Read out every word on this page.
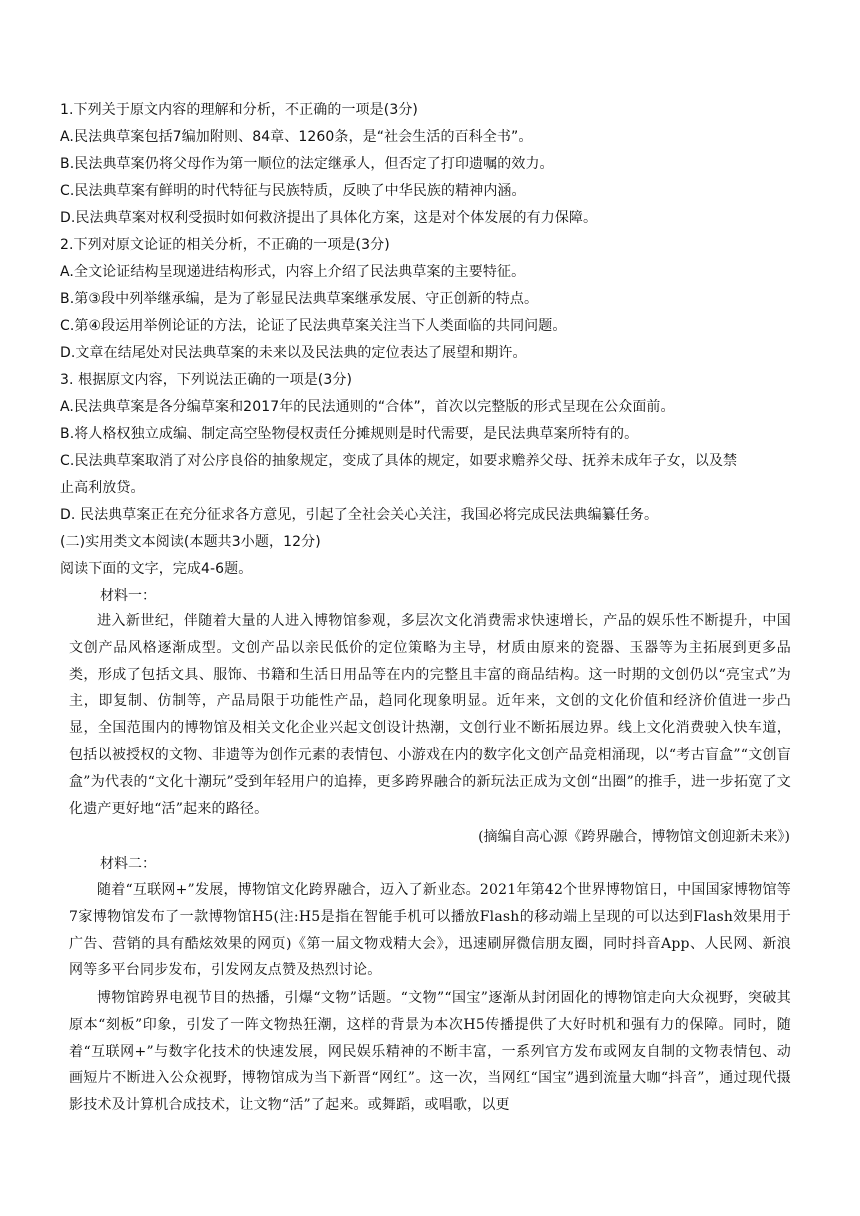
1.下列关于原文内容的理解和分析，不正确的一项是(3分)
A.民法典草案包括7编加附则、84章、1260条，是“社会生活的百科全书”。
B.民法典草案仍将父母作为第一顺位的法定继承人，但否定了打印遗嘱的效力。
C.民法典草案有鲜明的时代特征与民族特质，反映了中华民族的精神内涵。
D.民法典草案对权利受损时如何救济提出了具体化方案，这是对个体发展的有力保障。
2.下列对原文论证的相关分析，不正确的一项是(3分)
A.全文论证结构呈现递进结构形式，内容上介绍了民法典草案的主要特征。
B.第③段中列举继承编，是为了彰显民法典草案继承发展、守正创新的特点。
C.第④段运用举例论证的方法，论证了民法典草案关注当下人类面临的共同问题。
D.文章在结尾处对民法典草案的未来以及民法典的定位表达了展望和期许。
3. 根据原文内容，下列说法正确的一项是(3分)
A.民法典草案是各分编草案和2017年的民法通则的“合体”，首次以完整版的形式呈现在公众面前。
B.将人格权独立成编、制定高空坠物侵权责任分摊规则是时代需要，是民法典草案所特有的。
C.民法典草案取消了对公序良俗的抽象规定，变成了具体的规定，如要求赡养父母、抚养未成年子女，以及禁
止高利放贷。
D. 民法典草案正在充分征求各方意见，引起了全社会关心关注，我国必将完成民法典编纂任务。
(二)实用类文本阅读(本题共3小题，12分)
阅读下面的文字，完成4-6题。
材料一：
进入新世纪，伴随着大量的人进入博物馆参观，多层次文化消费需求快速增长，产品的娱乐性不断提升，中国文创产品风格逐渐成型。文创产品以亲民低价的定位策略为主导，材质由原来的瓷器、玉器等为主拓展到更多品类，形成了包括文具、服饰、书籍和生活日用品等在内的完整且丰富的商品结构。这一时期的文创仍以“亮宝式”为主，即复制、仿制等，产品局限于功能性产品，趋同化现象明显。近年来，文创的文化价值和经济价值进一步凸显，全国范围内的博物馆及相关文化企业兴起文创设计热潮，文创行业不断拓展边界。线上文化消费驶入快车道，包括以被授权的文物、非遗等为创作元素的表情包、小游戏在内的数字化文创产品竞相涌现，以“考古盲盒”“文创盲盒”为代表的“文化十潮玩”受到年轻用户的追捧，更多跨界融合的新玩法正成为文创“出圈”的推手，进一步拓宽了文化遗产更好地“活”起来的路径。
(摘编自高心源《跨界融合，博物馆文创迎新未来》)
材料二：
随着“互联网+”发展，博物馆文化跨界融合，迈入了新业态。2021年第42个世界博物馆日，中国国家博物馆等7家博物馆发布了一款博物馆H5(注:H5是指在智能手机可以播放Flash的移动端上呈现的可以达到Flash效果用于广告、营销的具有酷炫效果的网页)《第一届文物戏精大会》，迅速刷屏微信朋友圈，同时抖音App、人民网、新浪网等多平台同步发布，引发网友点赞及热烈讨论。
博物馆跨界电视节目的热播，引爆“文物”话题。“文物”“国宝”逐渐从封闭固化的博物馆走向大众视野，突破其原本“刻板”印象，引发了一阵文物热狂潮，这样的背景为本次H5传播提供了大好时机和强有力的保障。同时，随着“互联网+”与数字化技术的快速发展，网民娱乐精神的不断丰富，一系列官方发布或网友自制的文物表情包、动画短片不断进入公众视野，博物馆成为当下新晋“网红”。这一次，当网红“国宝”遇到流量大咖“抖音”，通过现代摄影技术及计算机合成技术，让文物“活”了起来。或舞蹈，或唱歌，以更
